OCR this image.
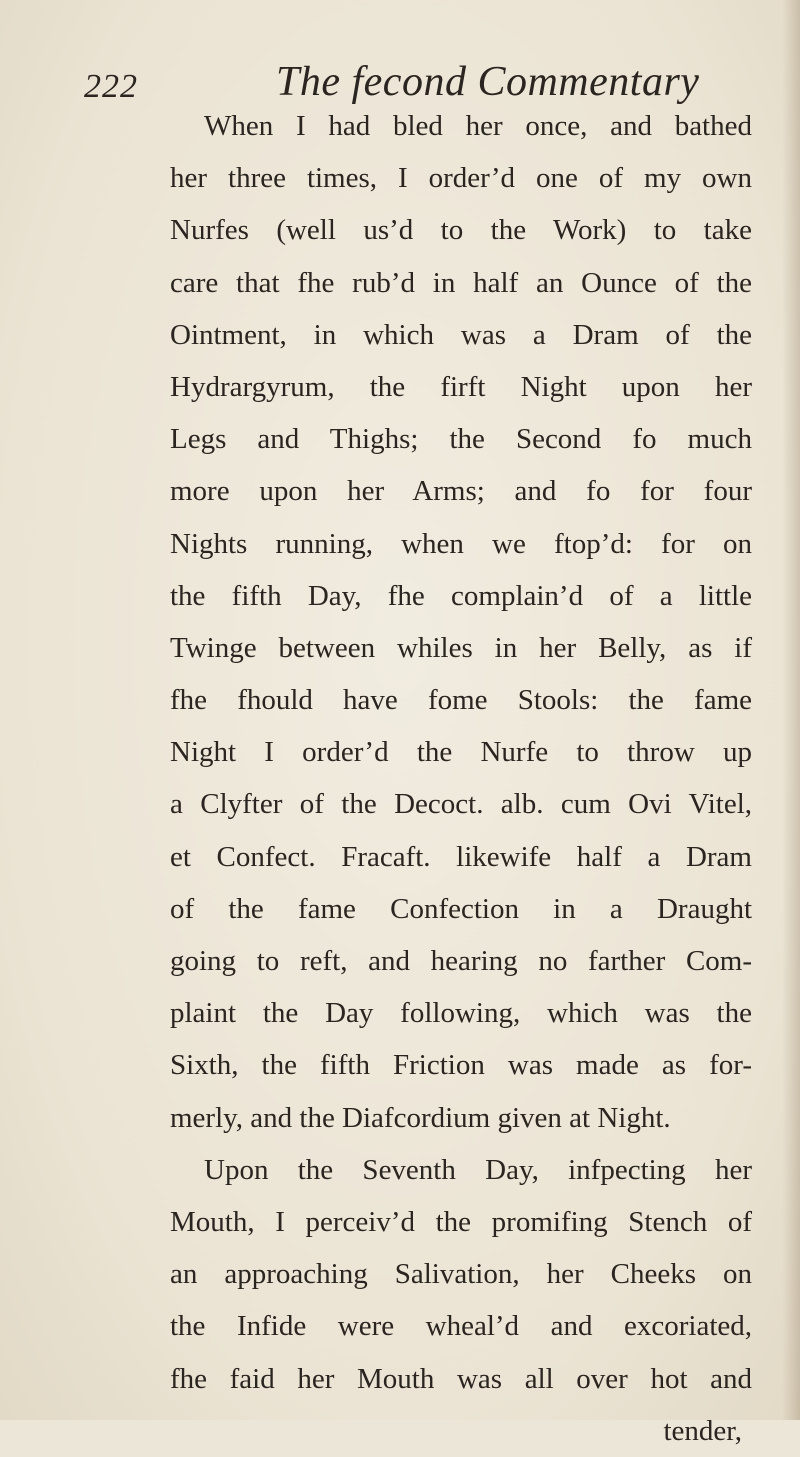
222	The fecond Commentary
When I had bled her once, and bathed
her three times, I order’d one of my own
Nurfes (well us’d to the Work) to take
care that fhe rub’d in half an Ounce of the
Ointment, in which was a Dram of the
Hydrargyrum, the firft Night upon her
Legs and Thighs; the Second fo much
more upon her Arms; and fo for four
Nights running, when we ftop’d: for on
the fifth Day, fhe complain’d of a little
Twinge between whiles in her Belly, as if
fhe fhould have fome Stools: the fame
Night I order’d the Nurfe to throw up
a Clyfter of the Decoct. alb. cum Ovi Vitel,
et Confect. Fracaft. likewife half a Dram
of the fame Confection in a Draught
going to reft, and hearing no farther Com-
plaint the Day following, which was the
Sixth, the fifth Friction was made as for-
merly, and the Diafcordium given at Night.
Upon the Seventh Day, infpecting her
Mouth, I perceiv’d the promifing Stench of
an approaching Salivation, her Cheeks on
the Infide were wheal’d and excoriated,
fhe faid her Mouth was all over hot and
tender,
